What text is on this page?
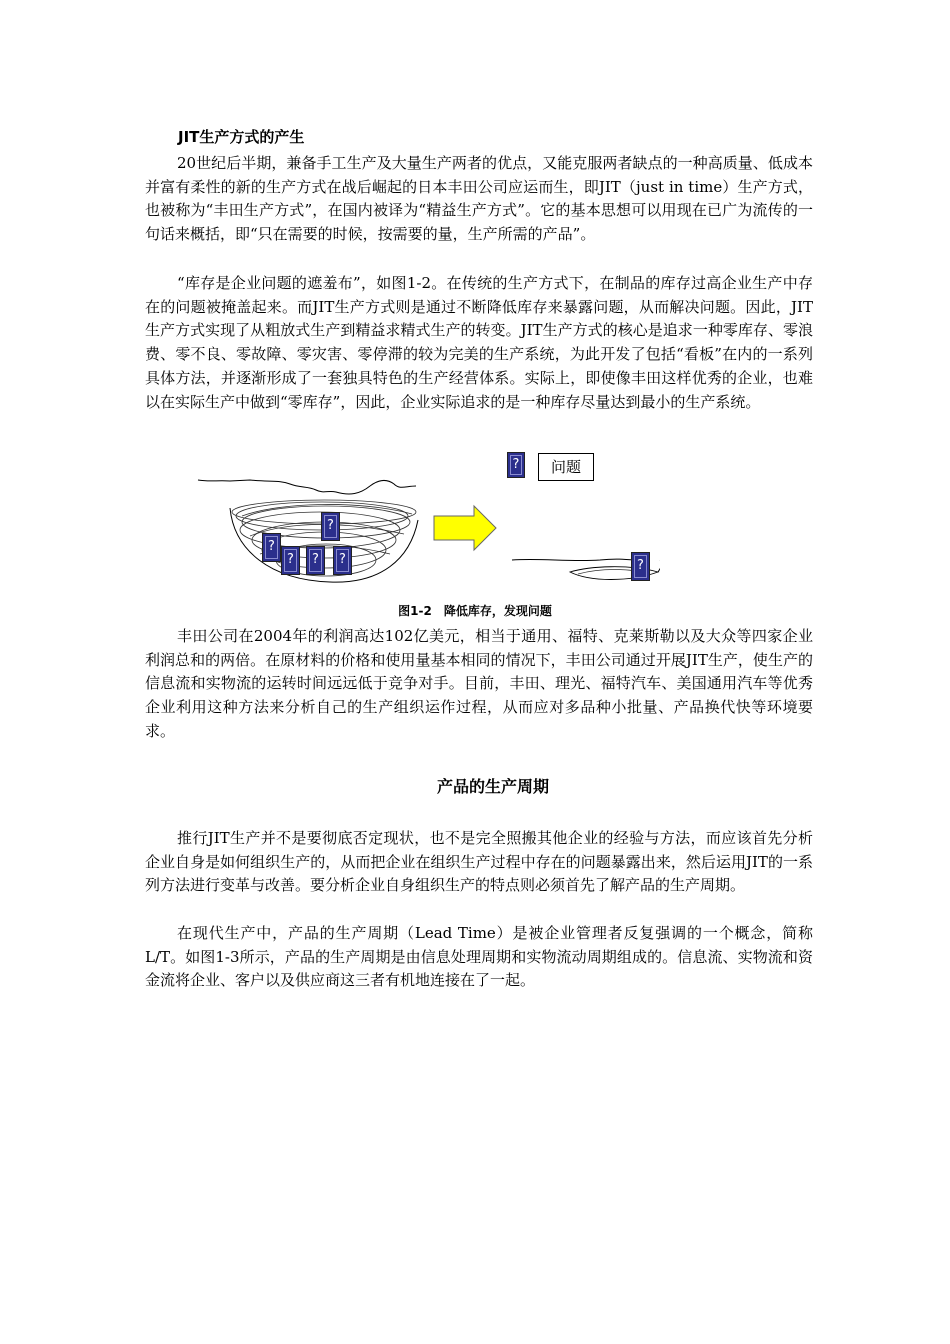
JIT生产方式的产生

20世纪后半期，兼备手工生产及大量生产两者的优点，又能克服两者缺点的一种高质量、低成本并富有柔性的新的生产方式在战后崛起的日本丰田公司应运而生，即JIT（just in time）生产方式，也被称为“丰田生产方式”，在国内被译为“精益生产方式”。它的基本思想可以用现在已广为流传的一句话来概括，即“只在需要的时候，按需要的量，生产所需的产品”。

“库存是企业问题的遮羞布”，如图1-2。在传统的生产方式下，在制品的库存过高企业生产中存在的问题被掩盖起来。而JIT生产方式则是通过不断降低库存来暴露问题，从而解决问题。因此，JIT生产方式实现了从粗放式生产到精益求精式生产的转变。JIT生产方式的核心是追求一种零库存、零浪费、零不良、零故障、零灾害、零停滞的较为完美的生产系统，为此开发了包括“看板”在内的一系列具体方法，并逐渐形成了一套独具特色的生产经营体系。实际上，即使像丰田这样优秀的企业，也难以在实际生产中做到“零库存”，因此，企业实际追求的是一种库存尽量达到最小的生产系统。

?
?
? ? ?	?
?	问题

图1-2　降低库存，发现问题

丰田公司在2004年的利润高达102亿美元，相当于通用、福特、克莱斯勒以及大众等四家企业利润总和的两倍。在原材料的价格和使用量基本相同的情况下，丰田公司通过开展JIT生产，使生产的信息流和实物流的运转时间远远低于竞争对手。目前，丰田、理光、福特汽车、美国通用汽车等优秀企业利用这种方法来分析自己的生产组织运作过程，从而应对多品种小批量、产品换代快等环境要求。

产品的生产周期

推行JIT生产并不是要彻底否定现状，也不是完全照搬其他企业的经验与方法，而应该首先分析企业自身是如何组织生产的，从而把企业在组织生产过程中存在的问题暴露出来，然后运用JIT的一系列方法进行变革与改善。要分析企业自身组织生产的特点则必须首先了解产品的生产周期。

在现代生产中，产品的生产周期（Lead Time）是被企业管理者反复强调的一个概念，简称L/T。如图1-3所示，产品的生产周期是由信息处理周期和实物流动周期组成的。信息流、实物流和资金流将企业、客户以及供应商这三者有机地连接在了一起。
